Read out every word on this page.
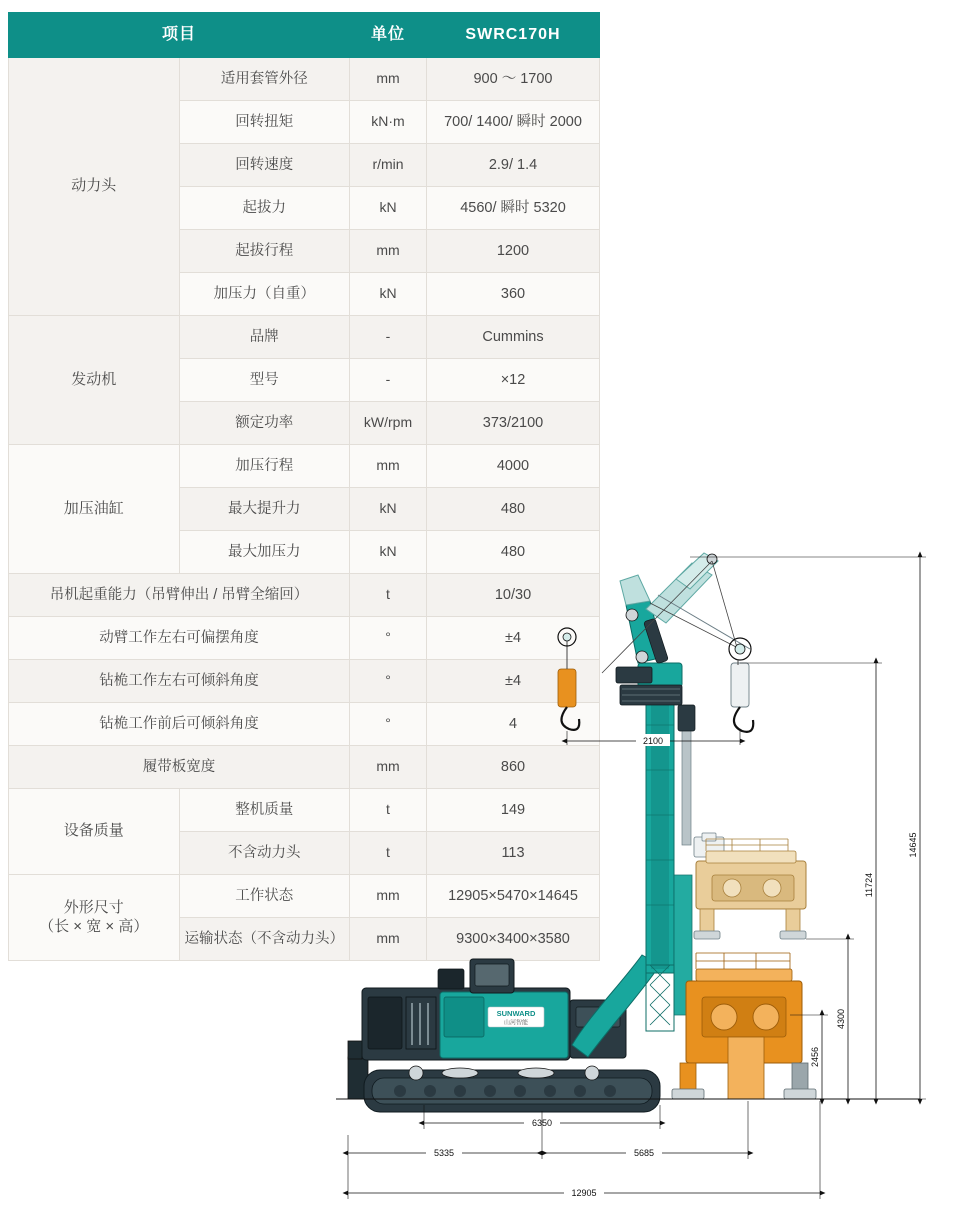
项目		单位	SWRC170H
动力头	适用套管外径	mm	900 〜 1700
	回转扭矩	kN·m	700/ 1400/ 瞬时 2000
	回转速度	r/min	2.9/ 1.4
	起拔力	kN	4560/ 瞬时 5320
	起拔行程	mm	1200
	加压力（自重）	kN	360
发动机	品牌	-	Cummins
	型号	-	×12
	额定功率	kW/rpm	373/2100
加压油缸	加压行程	mm	4000
	最大提升力	kN	480
	最大加压力	kN	480
吊机起重能力（吊臂伸出 / 吊臂全缩回）		t	10/30
动臂工作左右可偏摆角度		°	±4
钻桅工作左右可倾斜角度		°	±4
钻桅工作前后可倾斜角度		°	4
履带板宽度		mm	860
设备质量	整机质量	t	149
	不含动力头	t	113

外形尺寸
（长 × 宽 × 高）	工作状态	mm	12905×5470×14645
	运输状态（不含动力头）	mm	9300×3400×3580
SUNWARD
山河智能
2100
14645
11724
4300
2456
6350
5335	5685
12905
